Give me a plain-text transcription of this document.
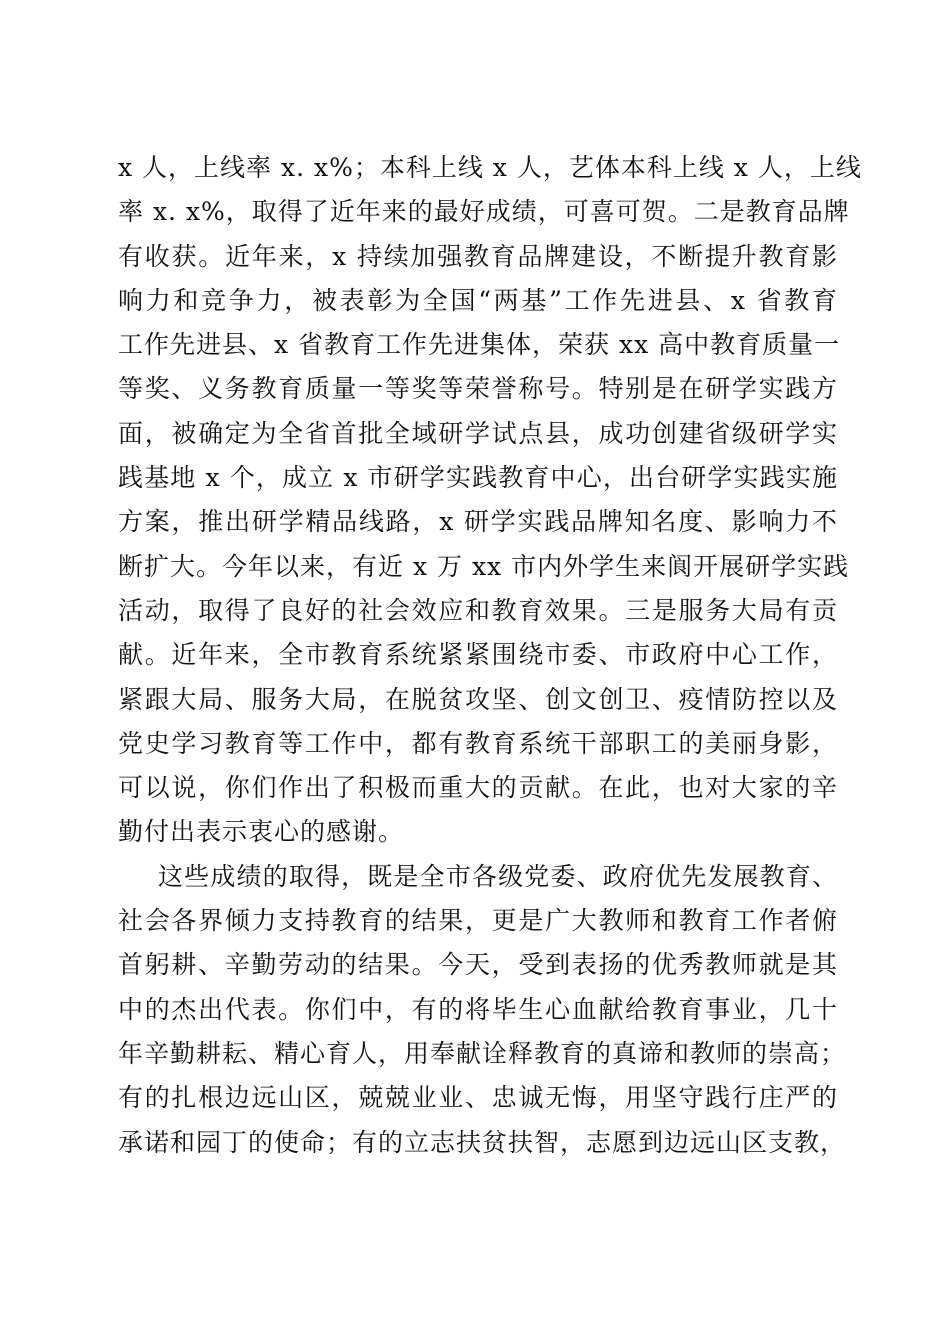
x 人，上线率 x. x%；本科上线 x 人，艺体本科上线 x 人，上线
率 x. x%，取得了近年来的最好成绩，可喜可贺。二是教育品牌
有收获。近年来，x 持续加强教育品牌建设，不断提升教育影
响力和竞争力，被表彰为全国“两基”工作先进县、x 省教育
工作先进县、x 省教育工作先进集体，荣获 xx 高中教育质量一
等奖、义务教育质量一等奖等荣誉称号。特别是在研学实践方
面，被确定为全省首批全域研学试点县，成功创建省级研学实
践基地 x 个，成立 x 市研学实践教育中心，出台研学实践实施
方案，推出研学精品线路，x 研学实践品牌知名度、影响力不
断扩大。今年以来，有近 x 万 xx 市内外学生来阆开展研学实践
活动，取得了良好的社会效应和教育效果。三是服务大局有贡
献。近年来，全市教育系统紧紧围绕市委、市政府中心工作，
紧跟大局、服务大局，在脱贫攻坚、创文创卫、疫情防控以及
党史学习教育等工作中，都有教育系统干部职工的美丽身影，
可以说，你们作出了积极而重大的贡献。在此，也对大家的辛
勤付出表示衷心的感谢。
这些成绩的取得，既是全市各级党委、政府优先发展教育、
社会各界倾力支持教育的结果，更是广大教师和教育工作者俯
首躬耕、辛勤劳动的结果。今天，受到表扬的优秀教师就是其
中的杰出代表。你们中，有的将毕生心血献给教育事业，几十
年辛勤耕耘、精心育人，用奉献诠释教育的真谛和教师的崇高；
有的扎根边远山区，兢兢业业、忠诚无悔，用坚守践行庄严的
承诺和园丁的使命；有的立志扶贫扶智，志愿到边远山区支教，
